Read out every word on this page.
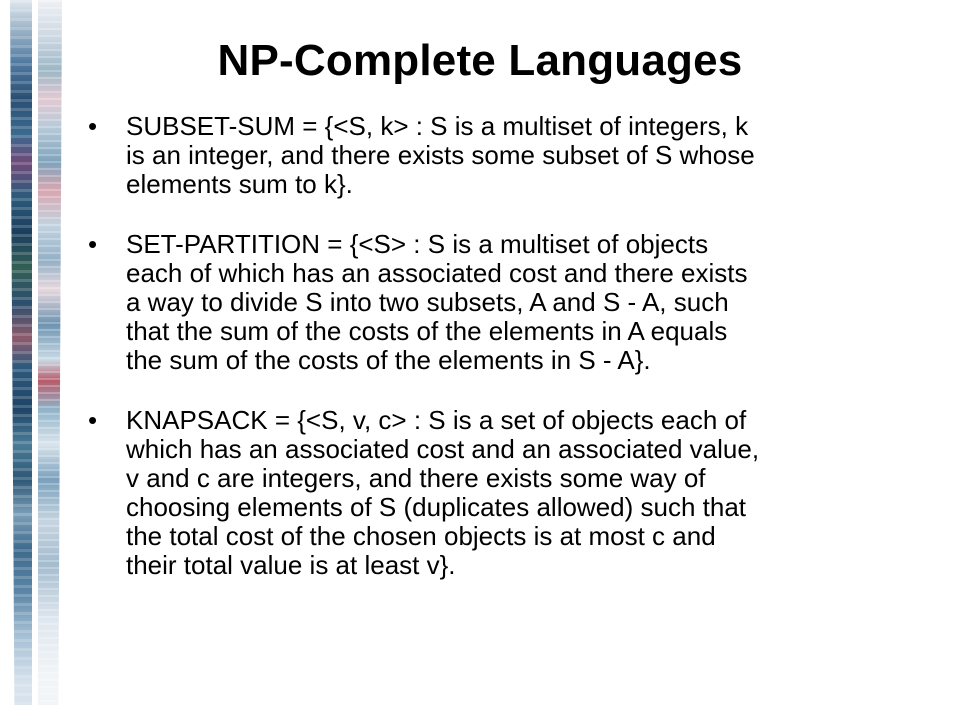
NP-Complete Languages
• SUBSET-SUM = {<S, k> : S is a multiset of integers, k
is an integer, and there exists some subset of S whose
elements sum to k}.
• SET-PARTITION = {<S> : S is a multiset of objects
each of which has an associated cost and there exists
a way to divide S into two subsets, A and S - A, such
that the sum of the costs of the elements in A equals
the sum of the costs of the elements in S - A}.
• KNAPSACK = {<S, v, c> : S is a set of objects each of
which has an associated cost and an associated value,
v and c are integers, and there exists some way of
choosing elements of S (duplicates allowed) such that
the total cost of the chosen objects is at most c and
their total value is at least v}.
